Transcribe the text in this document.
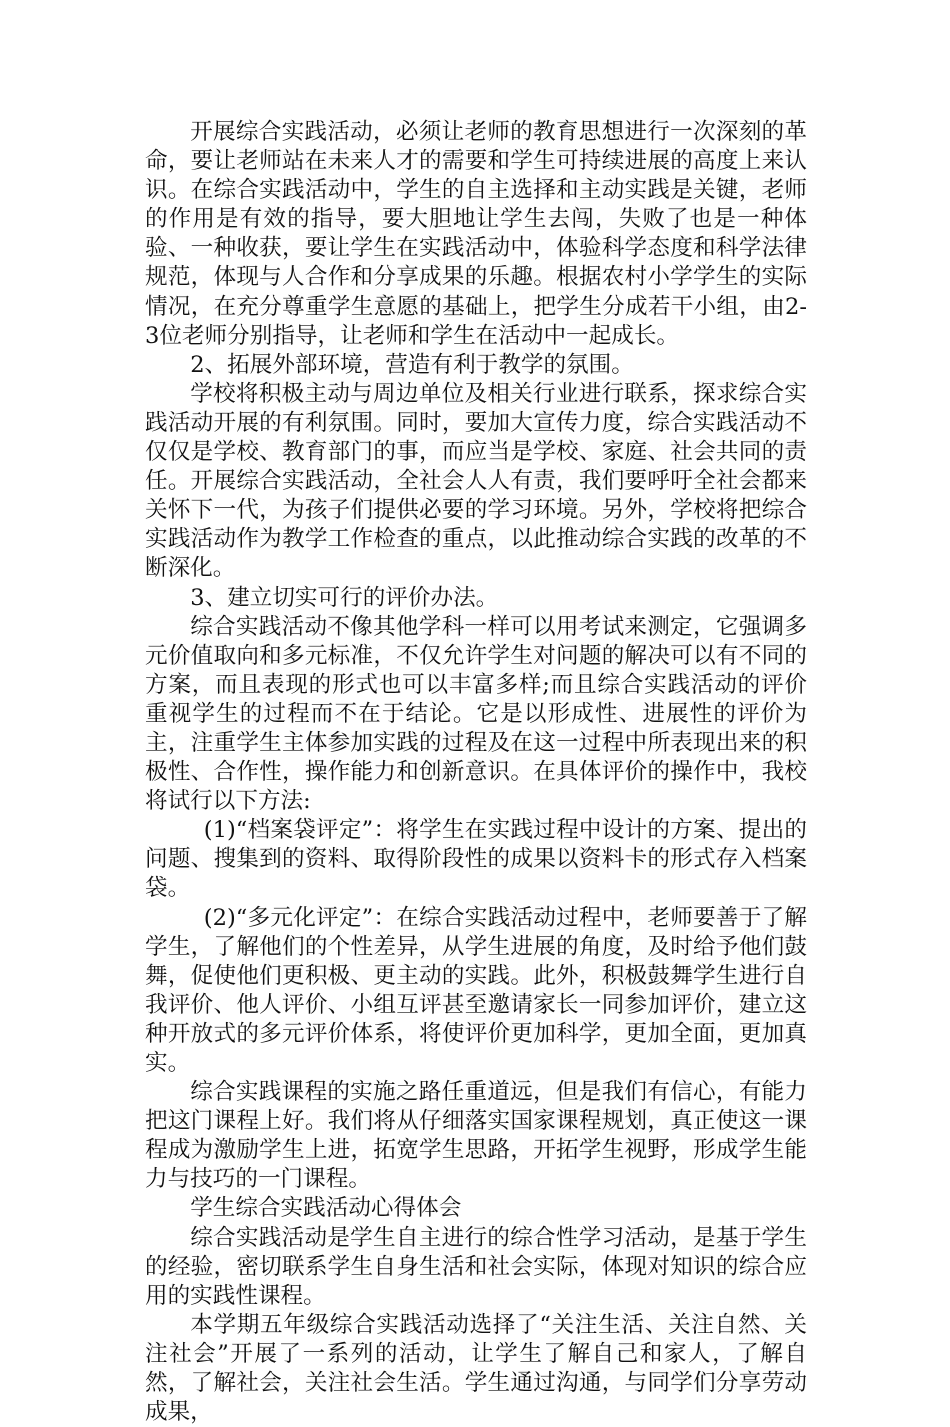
开展综合实践活动，必须让老师的教育思想进行一次深刻的革命，要让老师站在未来人才的需要和学生可持续进展的高度上来认识。在综合实践活动中，学生的自主选择和主动实践是关键，老师的作用是有效的指导，要大胆地让学生去闯，失败了也是一种体验、一种收获，要让学生在实践活动中，体验科学态度和科学法律规范，体现与人合作和分享成果的乐趣。根据农村小学学生的实际情况，在充分尊重学生意愿的基础上，把学生分成若干小组，由2-3位老师分别指导，让老师和学生在活动中一起成长。

2、拓展外部环境，营造有利于教学的氛围。

学校将积极主动与周边单位及相关行业进行联系，探求综合实践活动开展的有利氛围。同时，要加大宣传力度，综合实践活动不仅仅是学校、教育部门的事，而应当是学校、家庭、社会共同的责任。开展综合实践活动，全社会人人有责，我们要呼吁全社会都来关怀下一代，为孩子们提供必要的学习环境。另外，学校将把综合实践活动作为教学工作检查的重点，以此推动综合实践的改革的不断深化。

3、建立切实可行的评价办法。

综合实践活动不像其他学科一样可以用考试来测定，它强调多元价值取向和多元标准，不仅允许学生对问题的解决可以有不同的方案，而且表现的形式也可以丰富多样;而且综合实践活动的评价重视学生的过程而不在于结论。它是以形成性、进展性的评价为主，注重学生主体参加实践的过程及在这一过程中所表现出来的积极性、合作性，操作能力和创新意识。在具体评价的操作中，我校将试行以下方法:

(1)“档案袋评定”：将学生在实践过程中设计的方案、提出的问题、搜集到的资料、取得阶段性的成果以资料卡的形式存入档案袋。

(2)“多元化评定”：在综合实践活动过程中，老师要善于了解学生，了解他们的个性差异，从学生进展的角度，及时给予他们鼓舞，促使他们更积极、更主动的实践。此外，积极鼓舞学生进行自我评价、他人评价、小组互评甚至邀请家长一同参加评价，建立这种开放式的多元评价体系，将使评价更加科学，更加全面，更加真实。

综合实践课程的实施之路任重道远，但是我们有信心，有能力把这门课程上好。我们将从仔细落实国家课程规划，真正使这一课程成为激励学生上进，拓宽学生思路，开拓学生视野，形成学生能力与技巧的一门课程。

学生综合实践活动心得体会

综合实践活动是学生自主进行的综合性学习活动，是基于学生的经验，密切联系学生自身生活和社会实际，体现对知识的综合应用的实践性课程。

本学期五年级综合实践活动选择了“关注生活、关注自然、关注社会”开展了一系列的活动，让学生了解自己和家人，了解自然，了解社会，关注社会生活。学生通过沟通，与同学们分享劳动成果，
